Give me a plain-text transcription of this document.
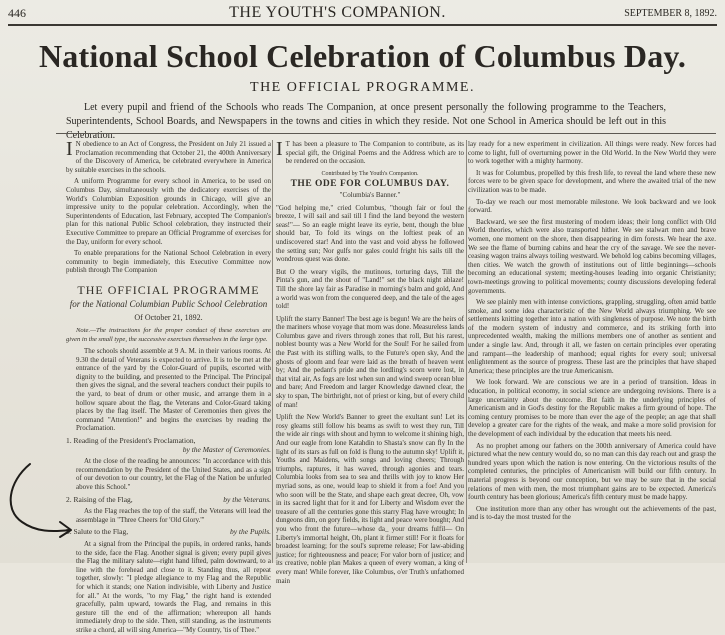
446	THE YOUTH'S COMPANION.	SEPTEMBER 8, 1892.
National School Celebration of Columbus Day.
THE OFFICIAL PROGRAMME.

Let every pupil and friend of the Schools who reads The Companion, at once present personally the following programme to the Teachers, Superintendents, School Boards, and Newspapers in the towns and cities in which they reside. Not one School in America should be left out in this Celebration.

I N obedience to an Act of Congress, the President on July 21 issued a Proclamation recommending that October 21, the 400th Anniversary of the Discovery of America, be celebrated everywhere in America by suitable exercises in the schools.

A uniform Programme for every school in America, to be used on Columbus Day, simultaneously with the dedicatory exercises of the World's Columbian Exposition grounds in Chicago, will give an impressive unity to the popular celebration. Accordingly, when the Superintendents of Education, last February, accepted The Companion's plan for this national Public School celebration, they instructed their Executive Committee to prepare an Official Programme of exercises for the Day, uniform for every school.

To enable preparations for the National School Celebration in every community to begin immediately, this Executive Committee now publish through The Companion

THE OFFICIAL PROGRAMME

for the National Columbian Public School Celebration

Of October 21, 1892.

Note.—The instructions for the proper conduct of these exercises are given in the small type, the successive exercises themselves in the large type.

The schools should assemble at 9 A. M. in their various rooms. At 9.30 the detail of Veterans is expected to arrive. It is to be met at the entrance of the yard by the Color-Guard of pupils, escorted with dignity to the building, and presented to the Principal. The Principal then gives the signal, and the several teachers conduct their pupils to the yard, to beat of drum or other music, and arrange them in a hollow square about the flag, the Veterans and Color-Guard taking places by the flag itself. The Master of Ceremonies then gives the command "Attention!" and begins the exercises by reading the Proclamation.

1. Reading of the President's Proclamation,
by the Master of Ceremonies.

At the close of the reading he announces: "In accordance with this recommendation by the President of the United States, and as a sign of our devotion to our country, let the Flag of the Nation be unfurled above this School."

2. Raising of the Flag,	by the Veterans.

As the Flag reaches the top of the staff, the Veterans will lead the assemblage in "Three Cheers for 'Old Glory.'"

3. Salute to the Flag,	by the Pupils.

At a signal from the Principal the pupils, in ordered ranks, hands to the side, face the Flag. Another signal is given; every pupil gives the Flag the military salute—right hand lifted, palm downward, to a line with the forehead and close to it. Standing thus, all repeat together, slowly: "I pledge allegiance to my Flag and the Republic for which it stands; one Nation indivisible, with Liberty and Justice for all." At the words, "to my Flag," the right hand is extended gracefully, palm upward, towards the Flag, and remains in this gesture till the end of the affirmation; whereupon all hands immediately drop to the side. Then, still standing, as the instruments strike a chord, all will sing America—"My Country, 'tis of Thee."

I T has been a pleasure to The Companion to contribute, as its special gift, the Original Poems and the Address which are to be rendered on the occasion.

Contributed by The Youth's Companion.

THE ODE FOR COLUMBUS DAY.

"Columbia's Banner."

"God helping me," cried Columbus, "though fair or foul the breeze, I will sail and sail till I find the land beyond the western seas!"— So an eagle might leave its eyrie, bent, though the blue should bar, To fold its wings on the loftiest peak of an undiscovered star! And into the vast and void abyss he followed the setting sun; Nor gulfs nor gales could fright his sails till the wondrous quest was done.

But O the weary vigils, the mutinous, torturing days, Till the Pinta's gun, and the shout of "Land!" set the black night ablaze! Till the shore lay fair as Paradise in morning's balm and gold, And a world was won from the conquered deep, and the tale of the ages told!

Uplift the starry Banner! The best age is begun! We are the heirs of the mariners whose voyage that morn was done. Measureless lands Columbus gave and rivers through zones that roll, But his rarest, noblest bounty was a New World for the Soul! For he sailed from the Past with its stifling walls, to the Future's open sky, And the ghosts of gloom and fear were laid as the breath of heaven went by; And the pedant's pride and the lordling's scorn were lost, in that vital air, As fogs are lost when sun and wind sweep ocean blue and bare; And Freedom and larger Knowledge dawned clear, the sky to span, The birthright, not of priest or king, but of every child of man!

Uplift the New World's Banner to greet the exultant sun! Let its rosy gleams still follow his beams as swift to west they run, Till the wide air rings with shout and hymn to welcome it shining high, And our eagle from lone Katahdin to Shasta's snow can fly In the light of its stars as full on fold is flung to the autumn sky! Uplift it, Youths and Maidens, with songs and loving cheers; Through triumphs, raptures, it has waved, through agonies and tears. Columbia looks from sea to sea and thrills with joy to know Her myriad sons, as one, would leap to shield it from a foe! And you who soon will be the State, and shape each great decree, Oh, vow in its sacred light that for it and for Liberty and Wisdom ever the treasure of all the centuries gone this starry Flag have wrought; In dungeons dim, on gory fields, its light and peace were bought; And you who front the future—whose da_ your dreams fulfil— On Liberty's immortal height, Oh, plant it firmer still! For it floats for broadest learning; for the soul's supreme release; For law-abiding justice; for righteousness and peace; For valor born of justice; and its creative, noble plan Makes a queen of every woman, a king of every man! While forever, like Columbus, o'er Truth's unfathomed main

lay ready for a new experiment in civilization. All things were ready. New forces had come to light, full of overturning power in the Old World. In the New World they were to work together with a mighty harmony.

It was for Columbus, propelled by this fresh life, to reveal the land where these new forces were to be given space for development, and where the awaited trial of the new civilization was to be made.

To-day we reach our most memorable milestone. We look backward and we look forward.

Backward, we see the first mustering of modern ideas; their long conflict with Old World theories, which were also transported hither. We see stalwart men and brave women, one moment on the shore, then disappearing in dim forests. We hear the axe. We see the flame of burning cabins and hear the cry of the savage. We see the never-ceasing wagon trains always toiling westward. We behold log cabins becoming villages, then cities. We watch the growth of institutions out of little beginnings—schools becoming an educational system; meeting-houses leading into organic Christianity; town-meetings growing to political movements; county discussions developing federal governments.

We see plainly men with intense convictions, grappling, struggling, often amid battle smoke, and some idea characteristic of the New World always triumphing. We see settlements knitting together into a nation with singleness of purpose. We note the birth of the modern system of industry and commerce, and its striking forth into unprecedented wealth, making the millions members one of another as sentient and under a single law. And, through it all, we fasten on certain principles ever operating and rampant—the leadership of manhood; equal rights for every soul; universal enlightenment as the source of progress. These last are the principles that have shaped America; these principles are the true Americanism.

We look forward. We are conscious we are in a period of transition. Ideas in education, in political economy, in social science are undergoing revisions. There is a large uncertainty about the outcome. But faith in the underlying principles of Americanism and in God's destiny for the Republic makes a firm ground of hope. The coming century promises to be more than ever the age of the people; an age that shall develop a greater care for the rights of the weak, and make a more solid provision for the development of each individual by the education that meets his need.

As no prophet among our fathers on the 300th anniversary of America could have pictured what the new century would do, so no man can this day reach out and grasp the hundred years upon which the nation is now entering. On the victorious results of the completed centuries, the principles of Americanism will build our fifth century. In material progress is beyond our conception, but we may be sure that in the social relations of men with men, the most triumphant gains are to be expected. America's fourth century has been glorious; America's fifth century must be made happy.

One institution more than any other has wrought out the achievements of the past, and is to-day the most trusted for the
